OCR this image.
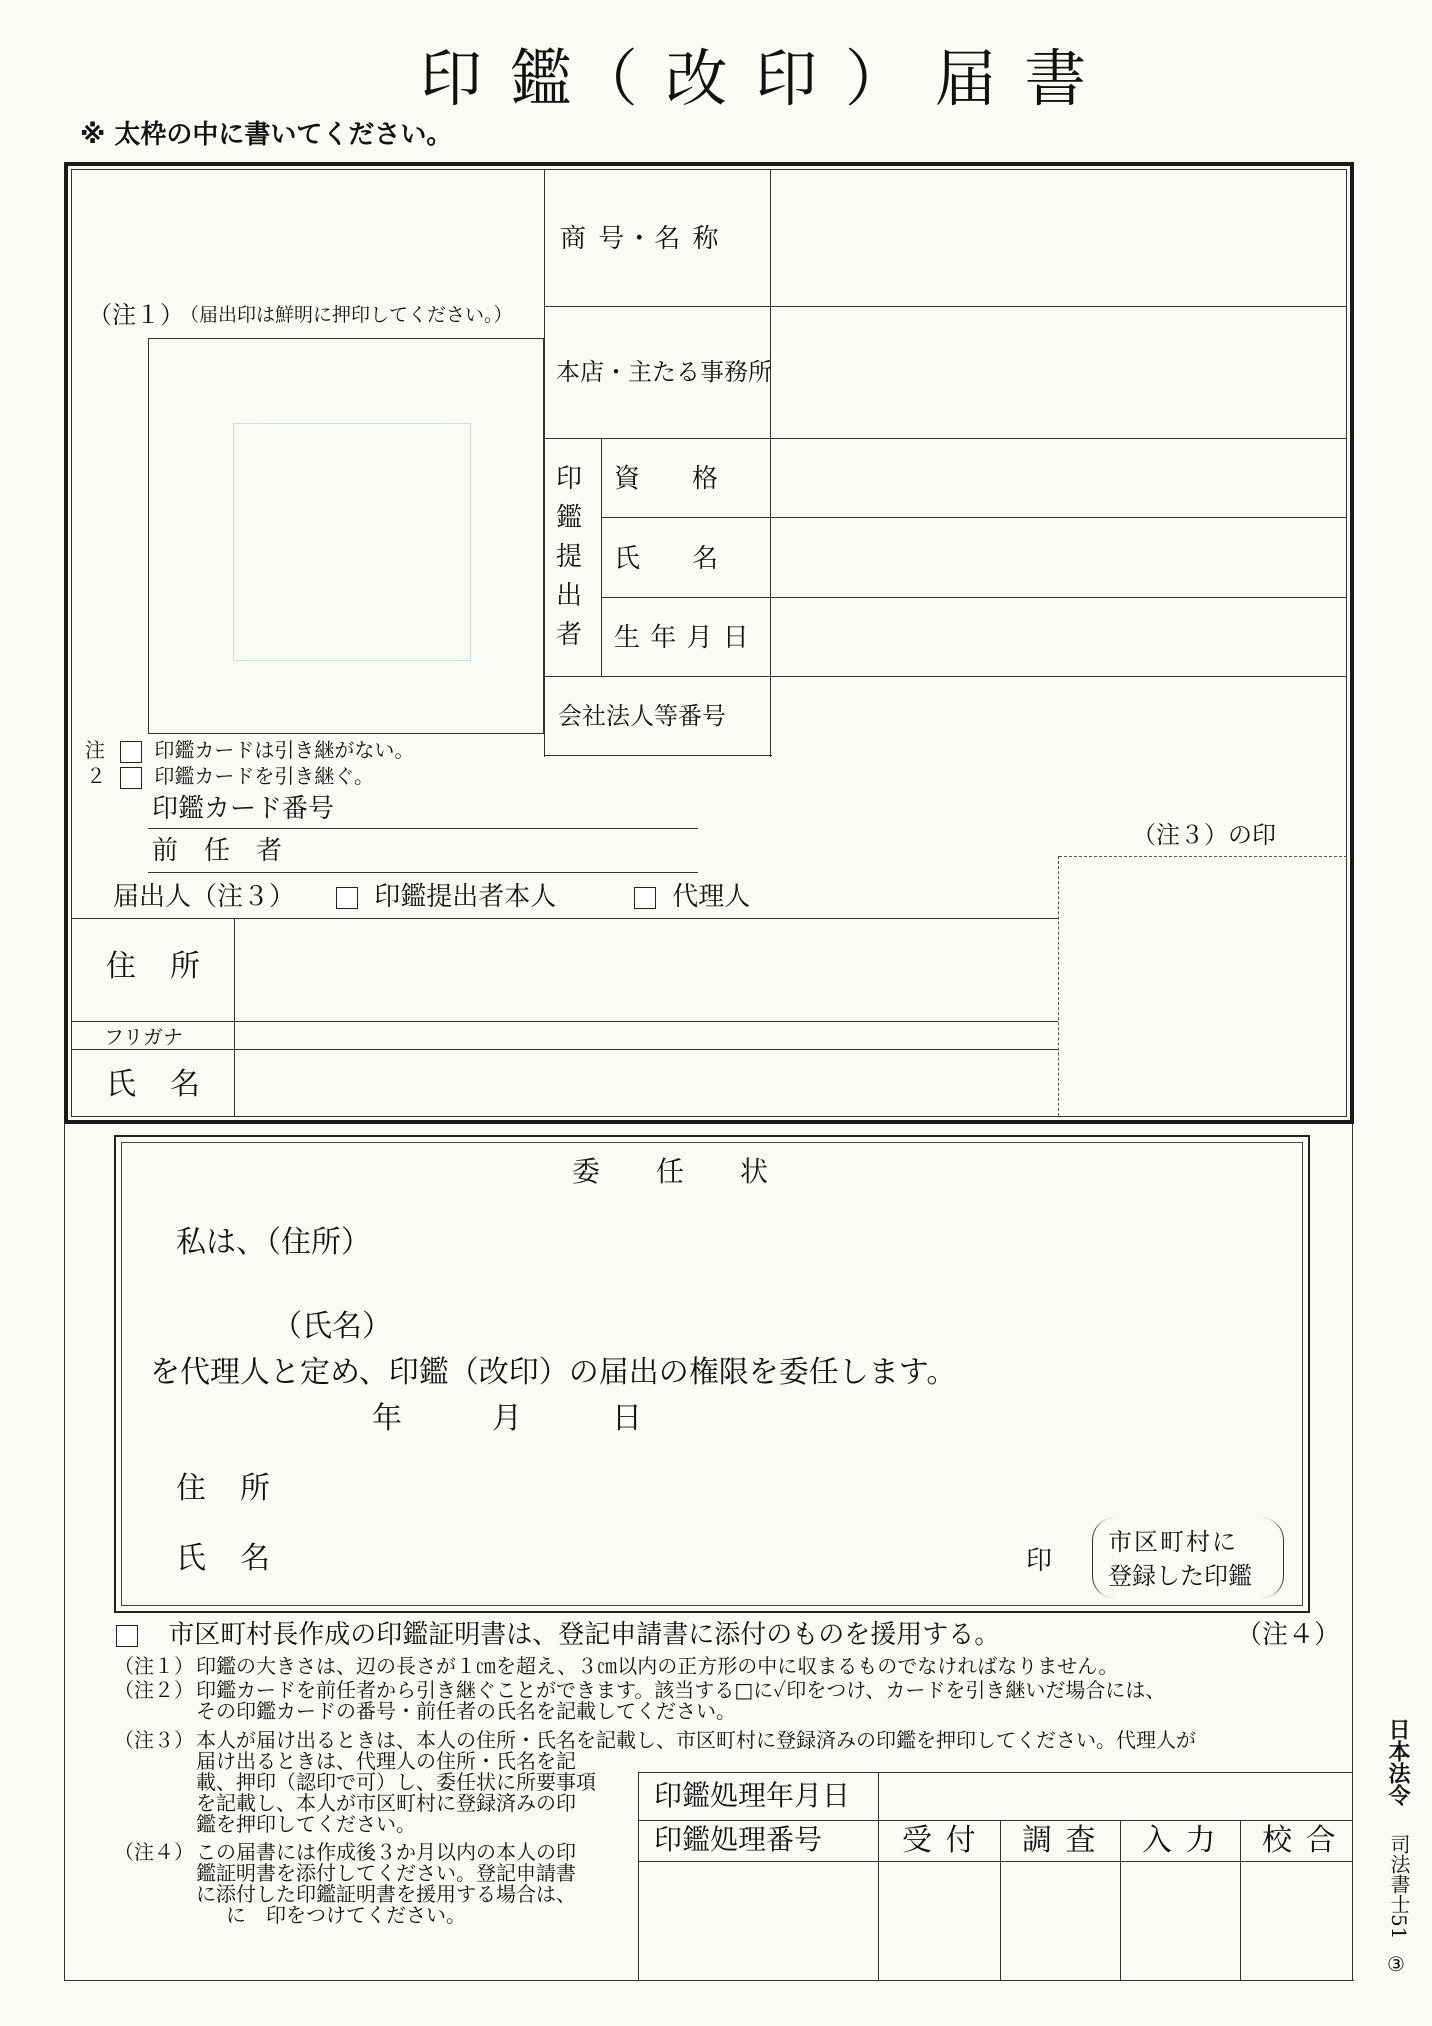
印 鑑（ 改 印 ） 届 書
※ 太枠の中に書いてください。
商 号・名 称
本店・主たる事務所
印
鑑
提
出
者
資　　格
氏　　名
生 年 月 日
会社法人等番号
（注１）
（届出印は鮮明に押印してください。）
注
２
印鑑カードは引き継がない。
印鑑カードを引き継ぐ。
印鑑カード番号
前　任　者
届出人（注３）	印鑑提出者本人	代理人
（注３）の印
住　所
フリガナ
氏　名
委　　任　　状
私は、（住所）
（氏名）
を代理人と定め、印鑑（改印）の届出の権限を委任します。
年　　　月　　　日
住　所
氏　名	印
市区町村に
登録した印鑑
市区町村長作成の印鑑証明書は、登記申請書に添付のものを援用する。	（注４）
（注１） 印鑑の大きさは、辺の長さが１㎝を超え、３㎝以内の正方形の中に収まるものでなければなりません。
（注２） 印鑑カードを前任者から引き継ぐことができます。該当する□に✓印をつけ、カードを引き継いだ場合には、
その印鑑カードの番号・前任者の氏名を記載してください。
（注３） 本人が届け出るときは、本人の住所・氏名を記載し、市区町村に登録済みの印鑑を押印してください。代理人が
届け出るときは、代理人の住所・氏名を記
載、押印（認印で可）し、委任状に所要事項
を記載し、本人が市区町村に登録済みの印
鑑を押印してください。
（注４） この届書には作成後３か月以内の本人の印
鑑証明書を添付してください。登記申請書
に添付した印鑑証明書を援用する場合は、
に　印をつけてください。
印鑑処理年月日
印鑑処理番号	受 付 調 査 入 力 校 合
日本法令
司法書士51
③
